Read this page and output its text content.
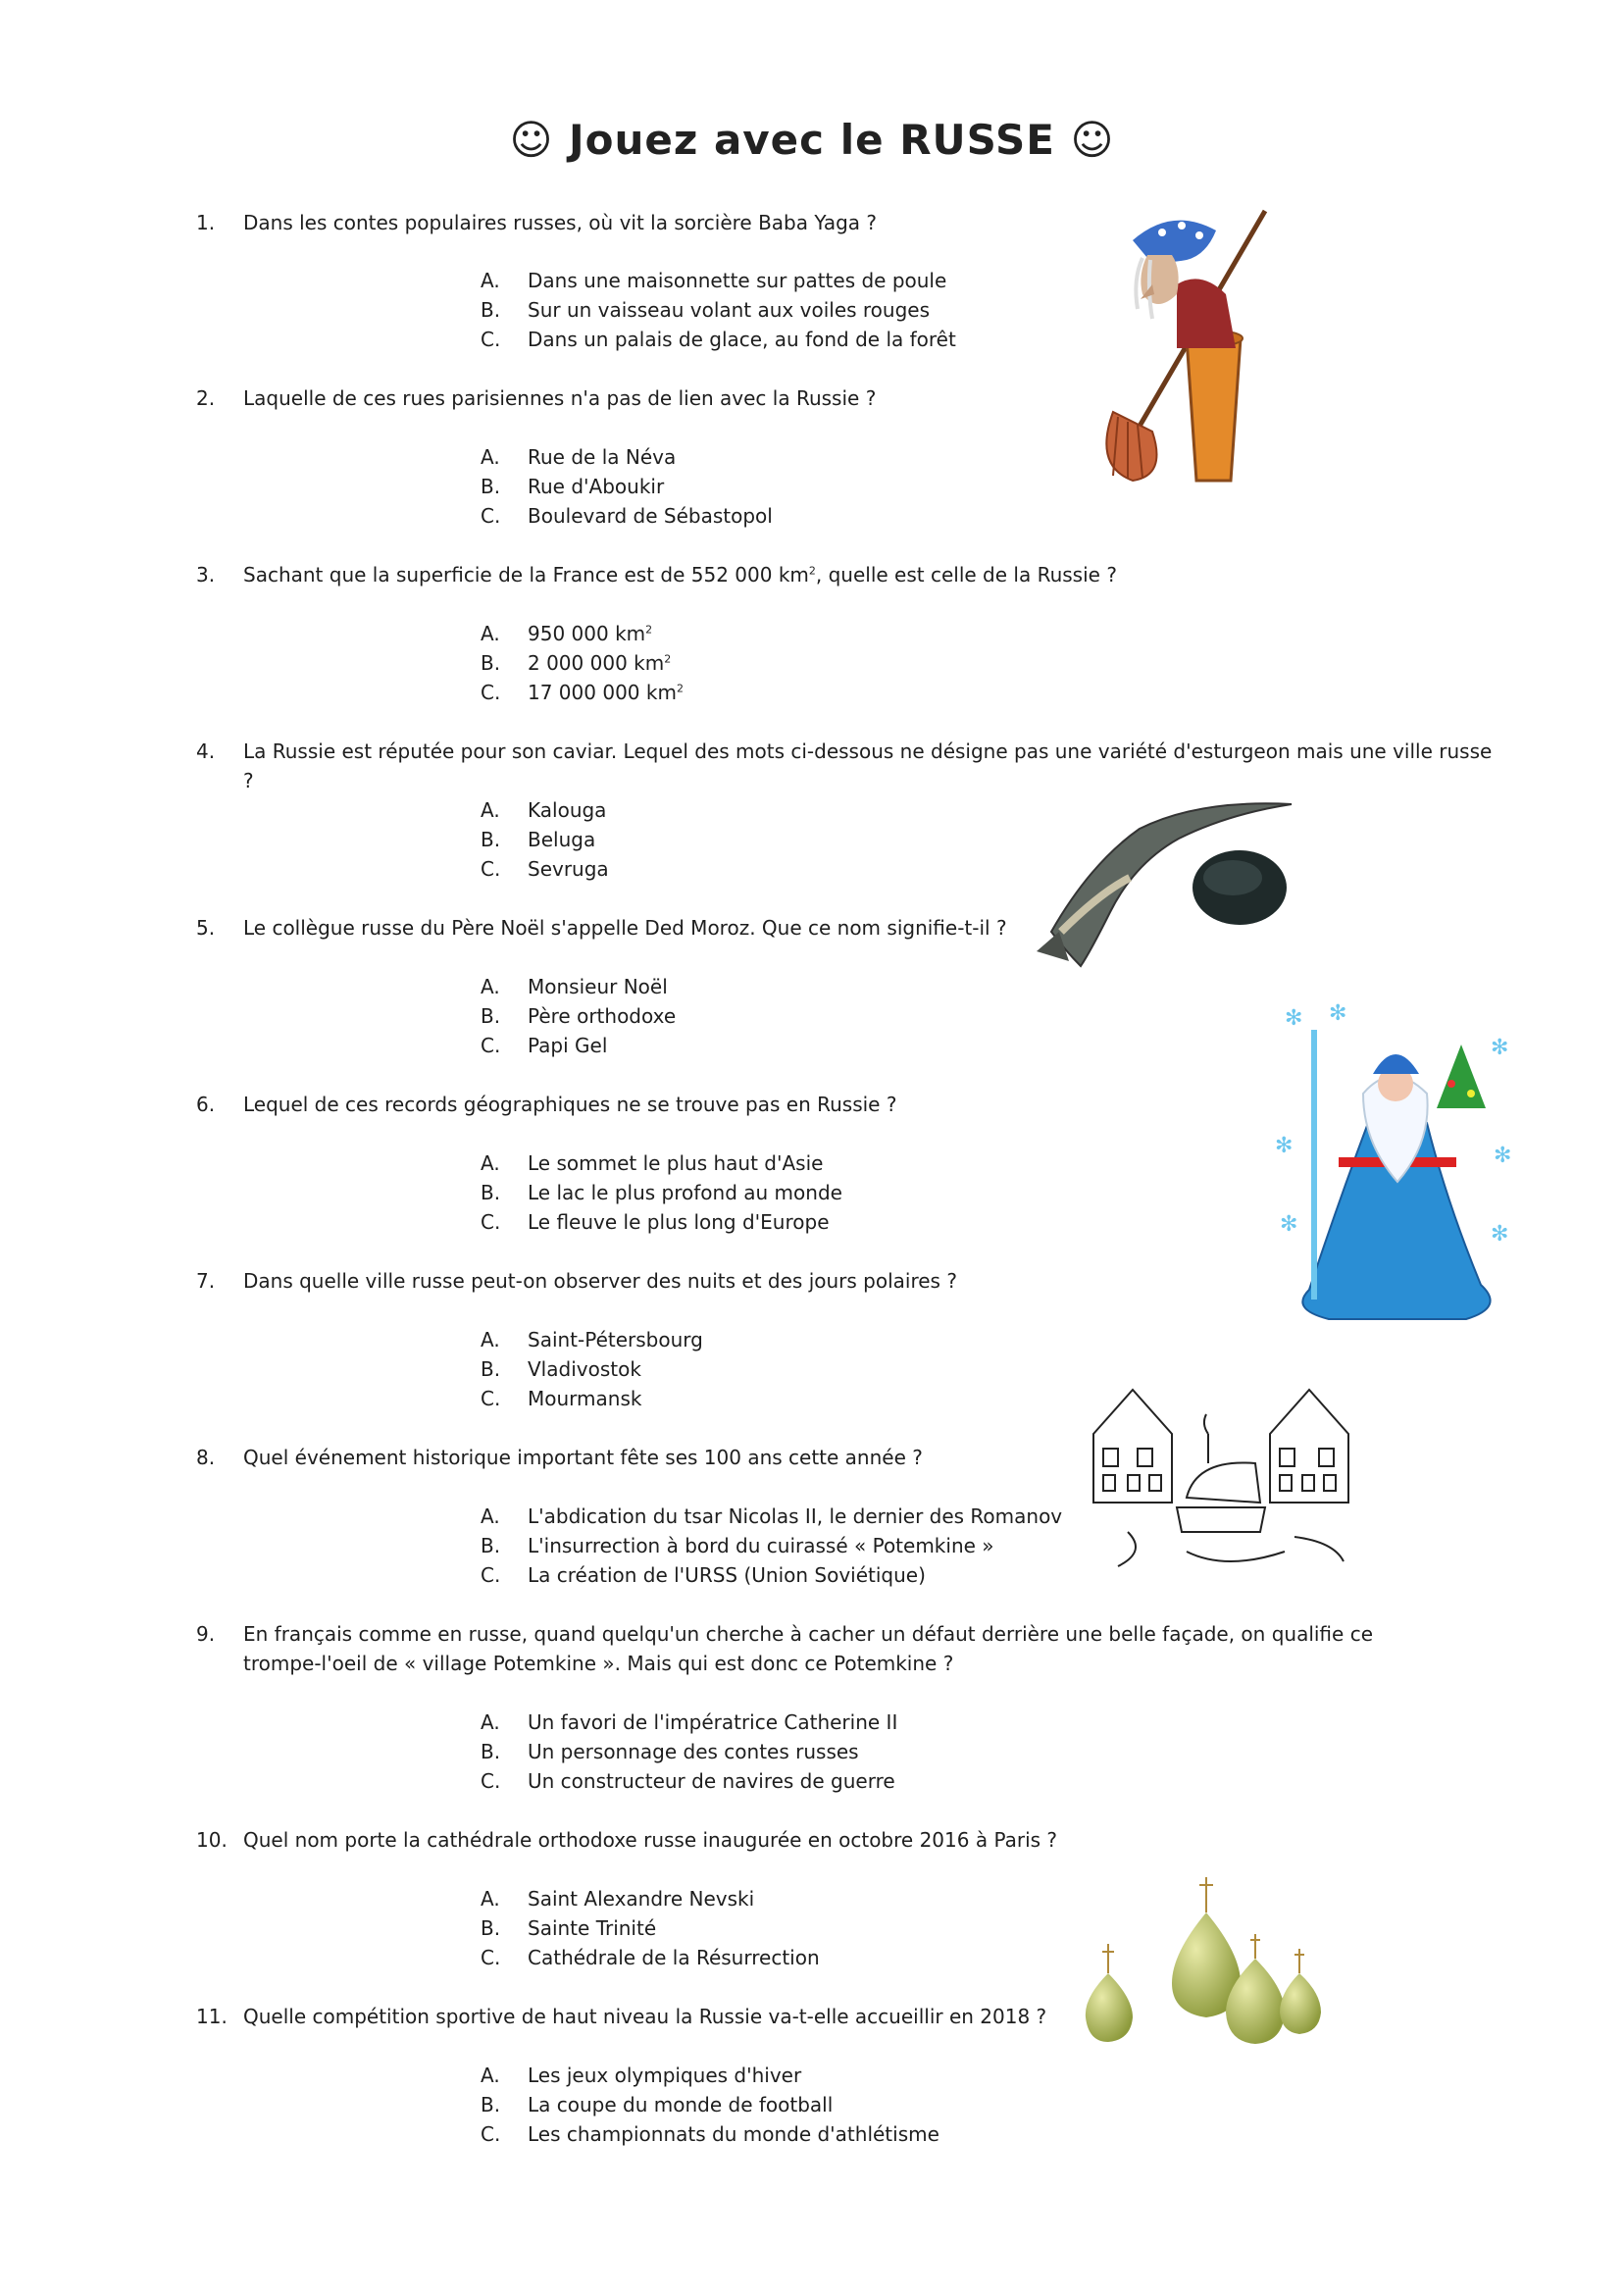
☺ Jouez avec le RUSSE ☺
1.	Dans les contes populaires russes, où vit la sorcière Baba Yaga ?
A.	Dans une maisonnette sur pattes de poule
B.	Sur un vaisseau volant aux voiles rouges
C.	Dans un palais de glace, au fond de la forêt
2.	Laquelle de ces rues parisiennes n'a pas de lien avec la Russie ?
A.	Rue de la Néva
B.	Rue d'Aboukir
C.	Boulevard de Sébastopol
3.	Sachant que la superficie de la France est de 552 000 $km^2$, quelle est celle de la Russie ?
A.	950 000 $km^2$
B.	2 000 000 $km^2$
C.	17 000 000 $km^2$
4.	La Russie est réputée pour son caviar. Lequel des mots ci-dessous ne désigne pas une variété d'esturgeon mais une ville russe ?
A.	Kalouga
B.	Beluga
C.	Sevruga
5.	Le collègue russe du Père Noël s'appelle Ded Moroz. Que ce nom signifie-t-il ?
A.	Monsieur Noël
B.	Père orthodoxe
C.	Papi Gel
6.	Lequel de ces records géographiques ne se trouve pas en Russie ?
A.	Le sommet le plus haut d'Asie
B.	Le lac le plus profond au monde
C.	Le fleuve le plus long d'Europe
7.	Dans quelle ville russe peut-on observer des nuits et des jours polaires ?
A.	Saint-Pétersbourg
B.	Vladivostok
C.	Mourmansk
8.	Quel événement historique important fête ses 100 ans cette année ?
A.	L'abdication du tsar Nicolas II, le dernier des Romanov
B.	L'insurrection à bord du cuirassé « Potemkine »
C.	La création de l'URSS (Union Soviétique)
9.	En français comme en russe, quand quelqu'un cherche à cacher un défaut derrière une belle façade, on qualifie ce trompe-l'oeil de « village Potemkine ». Mais qui est donc ce Potemkine ?
A.	Un favori de l'impératrice Catherine II
B.	Un personnage des contes russes
C.	Un constructeur de navires de guerre
10. Quel nom porte la cathédrale orthodoxe russe inaugurée en octobre 2016 à Paris ?
A.	Saint Alexandre Nevski
B.	Sainte Trinité
C.	Cathédrale de la Résurrection
11. Quelle compétition sportive de haut niveau la Russie va-t-elle accueillir en 2018 ?
A.	Les jeux olympiques d'hiver
B.	La coupe du monde de football
C.	Les championnats du monde d'athlétisme
✻ ✻
✻
✻
✻
✻	✻
